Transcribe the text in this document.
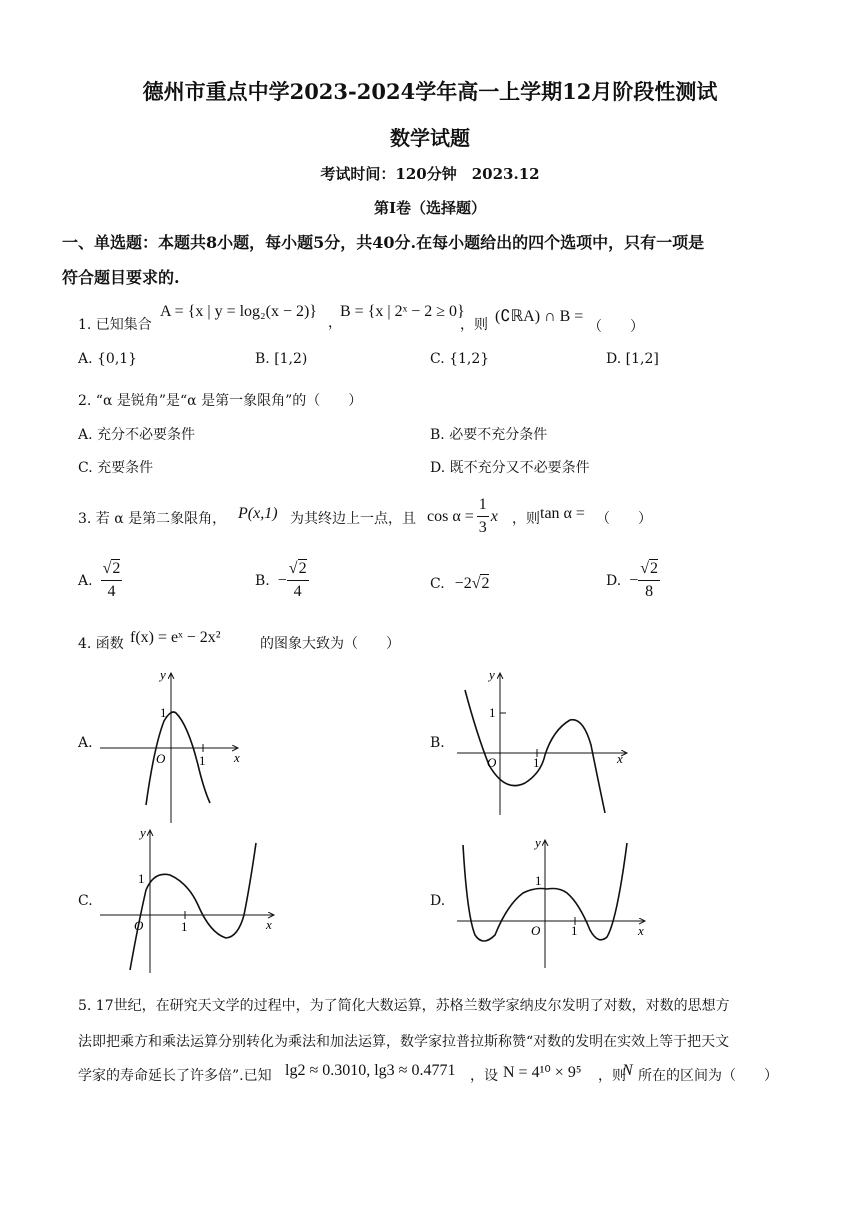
德州市重点中学2023-2024学年高一上学期12月阶段性测试
数学试题
考试时间：120分钟　2023.12
第Ⅰ卷（选择题）
一、单选题：本题共8小题，每小题5分，共40分.在每小题给出的四个选项中，只有一项是
符合题目要求的.
1. 已知集合
A = {x | y = log₂(x − 2)}
，
B = {x | 2ˣ − 2 ≥ 0}
，则 (∁ℝA) ∩ B =
（　　）
A. {0,1}	B. [1,2)	C. {1,2}	D. [1,2]
2. “α 是锐角”是“α 是第一象限角”的（　　）
A. 充分不必要条件	B. 必要不充分条件
C. 充要条件	D. 既不充分又不必要条件
3. 若 α 是第二象限角， P(x,1) 为其终边上一点，且 $\cos \alpha = \frac{1}{3}$ x ，则 tan α = （　　）
A. $\frac{√2}{4}$	B. − $\frac{√2}{4}$	C. −2 √ 2	D. − $\frac{√2}{8}$
4. 函数 f(x) = eˣ − 2x²	的图象大致为（　　）
A.	B.
C.	D.
y
x
O	1
1
y
x
O	1
1
y
x
O	1
1
y
x
O 1
1
5. 17世纪，在研究天文学的过程中，为了简化大数运算，苏格兰数学家纳皮尔发明了对数，对数的思想方
法即把乘方和乘法运算分别转化为乘法和加法运算，数学家拉普拉斯称赞“对数的发明在实效上等于把天文
学家的寿命延长了许多倍”.已知 lg2 ≈ 0.3010, lg3 ≈ 0.4771 ，设 N = 4¹⁰ × 9⁵ ，则
N 所在的区间为（　　）
